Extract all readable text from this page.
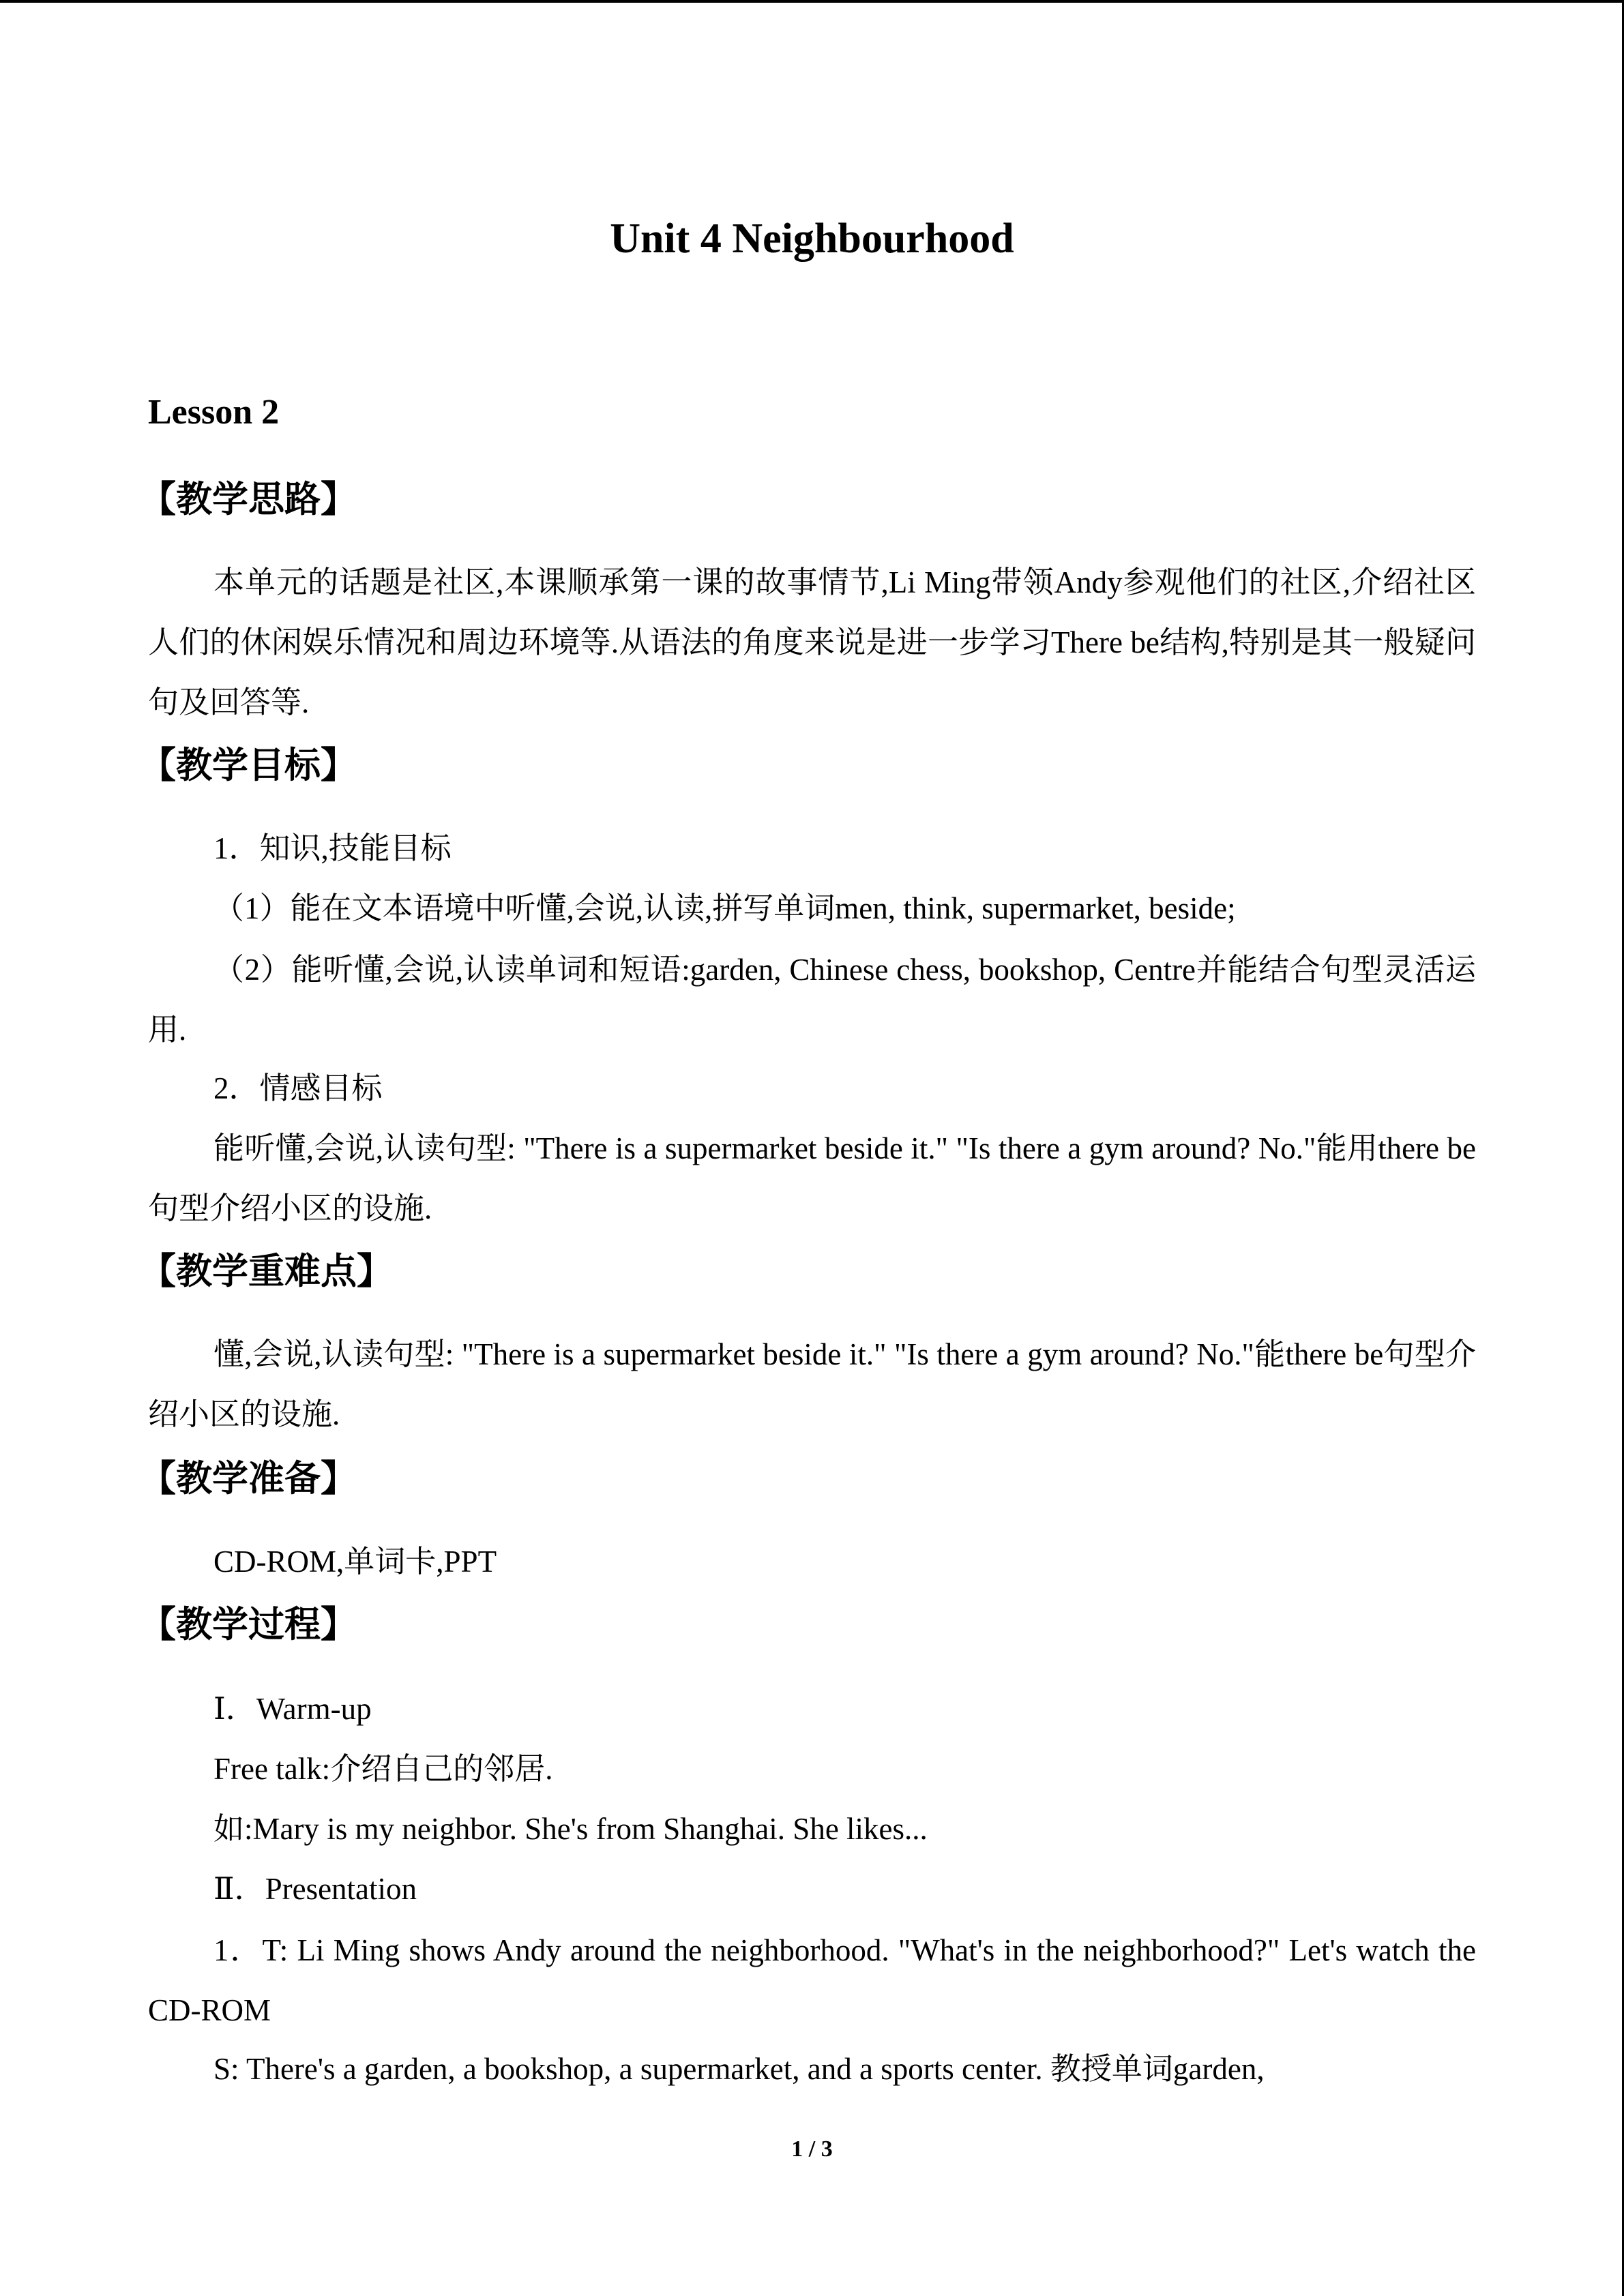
Unit 4 Neighbourhood
Lesson 2
【教学思路】
本单元的话题是社区,本课顺承第一课的故事情节,Li Ming带领Andy参观他们的社区,介绍社区人们的休闲娱乐情况和周边环境等.从语法的角度来说是进一步学习There be结构,特别是其一般疑问句及回答等.
【教学目标】
1．知识,技能目标
（1）能在文本语境中听懂,会说,认读,拼写单词men, think, supermarket, beside;
（2）能听懂,会说,认读单词和短语:garden, Chinese chess, bookshop, Centre并能结合句型灵活运用.
2．情感目标
能听懂,会说,认读句型: "There is a supermarket beside it." "Is there a gym around? No."能用there be句型介绍小区的设施.
【教学重难点】
懂,会说,认读句型: "There is a supermarket beside it." "Is there a gym around? No."能there be句型介绍小区的设施.
【教学准备】
CD-ROM,单词卡,PPT
【教学过程】
Ⅰ．Warm-up
Free talk:介绍自己的邻居.
如:Mary is my neighbor. She's from Shanghai. She likes...
Ⅱ．Presentation
1．T: Li Ming shows Andy around the neighborhood. "What's in the neighborhood?" Let's watch the CD-ROM
S: There's a garden, a bookshop, a supermarket, and a sports center. 教授单词garden,
1 / 3
